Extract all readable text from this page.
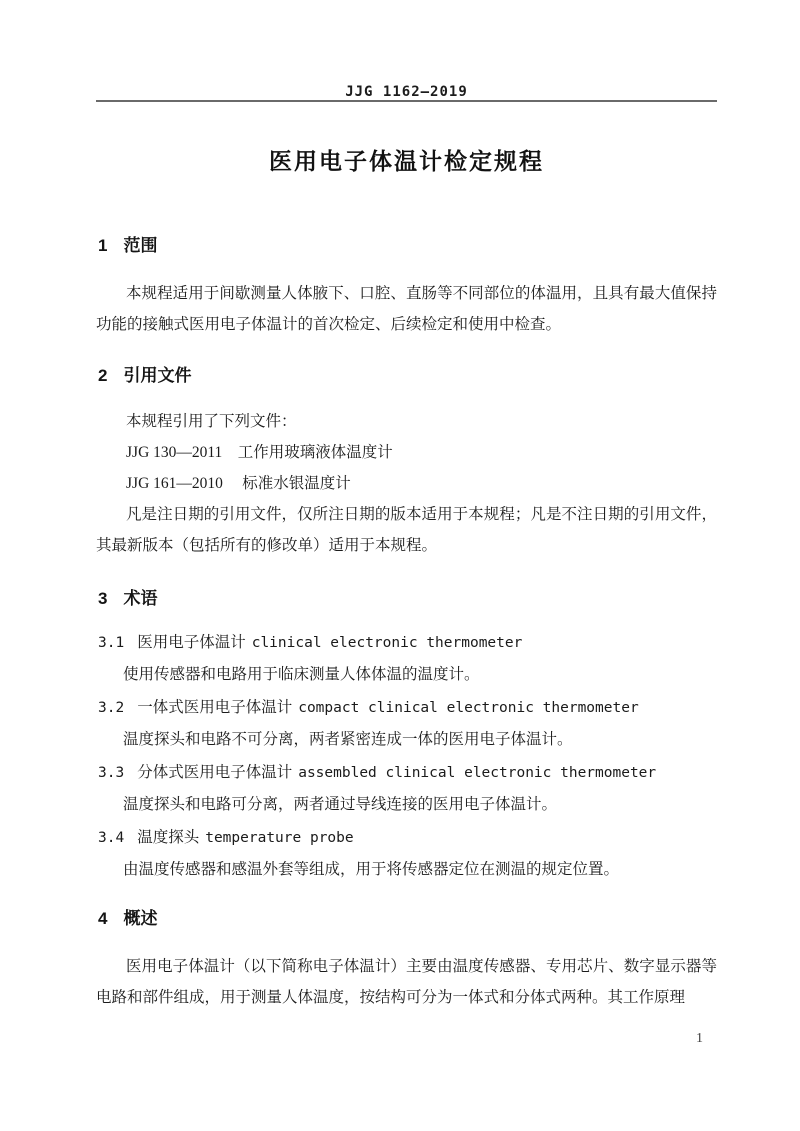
JJG 1162—2019
医用电子体温计检定规程
1 范围
本规程适用于间歇测量人体腋下、口腔、直肠等不同部位的体温用，且具有最大值保持功能的接触式医用电子体温计的首次检定、后续检定和使用中检查。
2 引用文件
本规程引用了下列文件：
JJG 130—2011　工作用玻璃液体温度计
JJG 161—2010　 标准水银温度计
凡是注日期的引用文件，仅所注日期的版本适用于本规程；凡是不注日期的引用文件，其最新版本（包括所有的修改单）适用于本规程。
3 术语
3.1 医用电子体温计 clinical electronic thermometer
使用传感器和电路用于临床测量人体体温的温度计。
3.2 一体式医用电子体温计 compact clinical electronic thermometer
温度探头和电路不可分离，两者紧密连成一体的医用电子体温计。
3.3 分体式医用电子体温计 assembled clinical electronic thermometer
温度探头和电路可分离，两者通过导线连接的医用电子体温计。
3.4 温度探头 temperature probe
由温度传感器和感温外套等组成，用于将传感器定位在测温的规定位置。
4 概述
医用电子体温计（以下简称电子体温计）主要由温度传感器、专用芯片、数字显示器等电路和部件组成，用于测量人体温度，按结构可分为一体式和分体式两种。其工作原理
1
